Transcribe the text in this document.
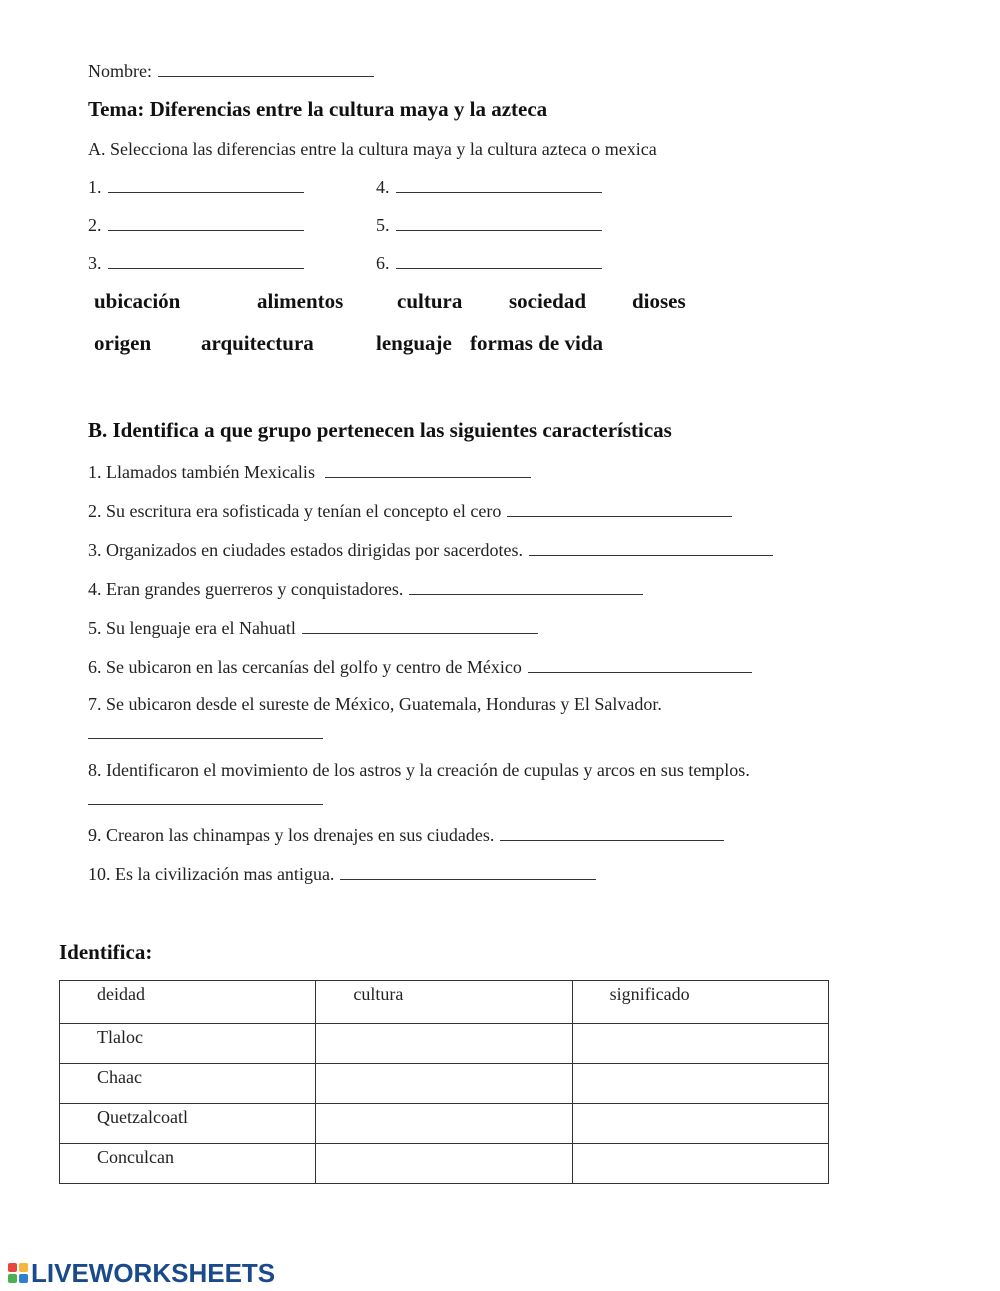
Nombre:
Tema: Diferencias entre la cultura maya y la azteca
A. Selecciona las diferencias entre la cultura maya y la cultura azteca o mexica
1.
2.
3.
4.
5.
6.
ubicación	alimentos	cultura sociedad dioses
origen arquitectura	lenguaje formas de vida
B. Identifica a que grupo pertenecen las siguientes características
1. Llamados también Mexicalis
2. Su escritura era sofisticada y tenían el concepto el cero
3. Organizados en ciudades estados dirigidas por sacerdotes.
4. Eran grandes guerreros y conquistadores.
5. Su lenguaje era el Nahuatl
6. Se ubicaron en las cercanías del golfo y centro de México
7. Se ubicaron desde el sureste de México, Guatemala, Honduras y El Salvador.
8. Identificaron el movimiento de los astros y la creación de cupulas y arcos en sus templos.
9. Crearon las chinampas y los drenajes en sus ciudades.
10. Es la civilización mas antigua.
Identifica:
deidad	cultura	significado
Tlaloc		
Chaac		
Quetzalcoatl		
Conculcan		
LIVEWORKSHEETS
